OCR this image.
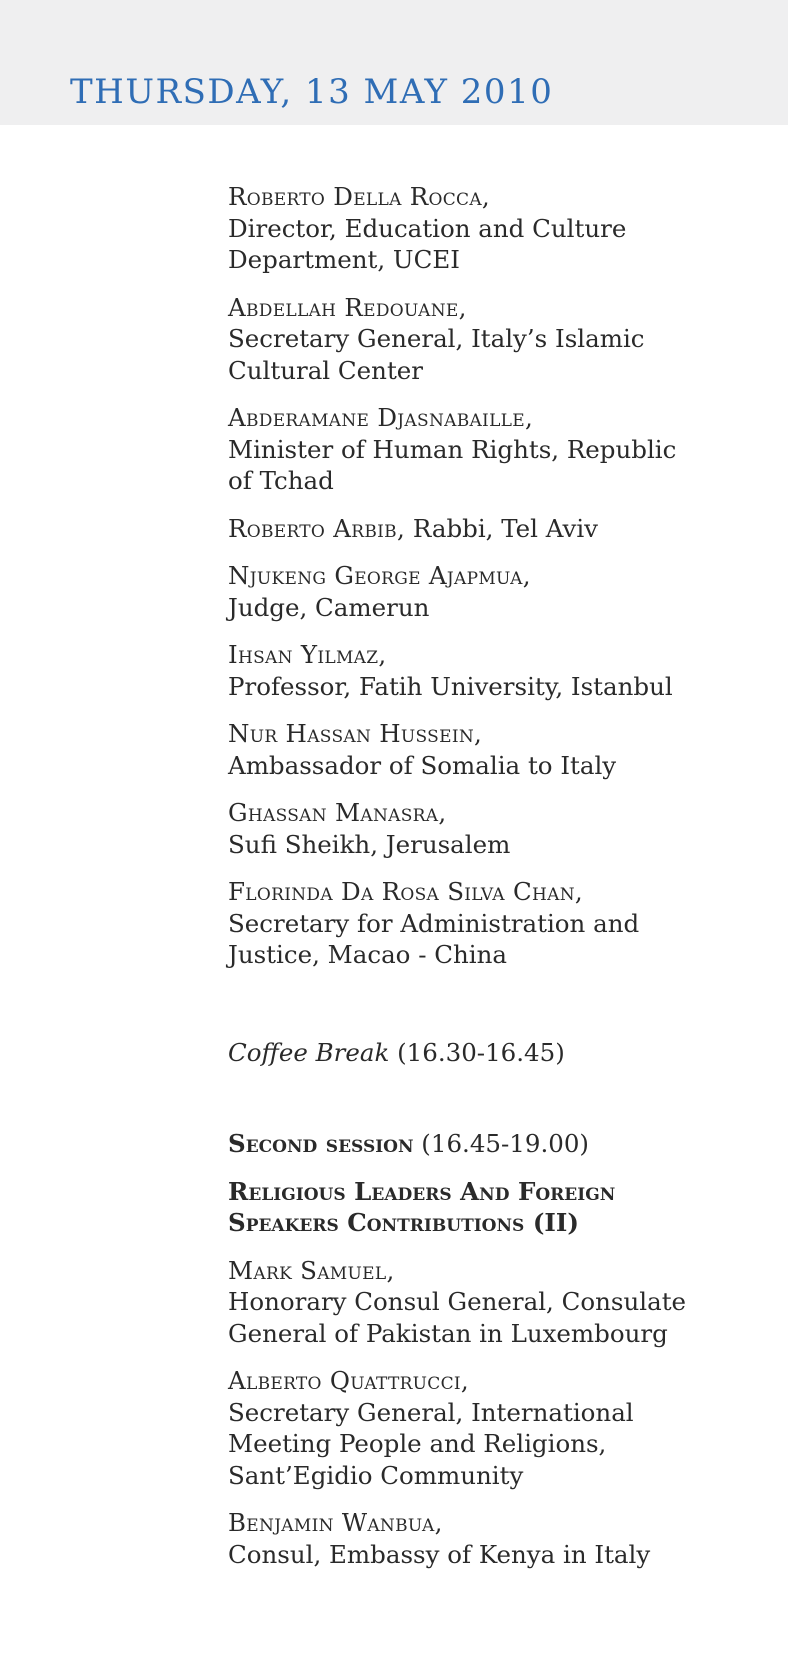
THURSDAY, 13 MAY 2010
Roberto Della Rocca,
Director, Education and Culture
Department, UCEI
Abdellah Redouane,
Secretary General, Italy’s Islamic
Cultural Center
Abderamane Djasnabaille,
Minister of Human Rights, Republic
of Tchad
Roberto Arbib, Rabbi, Tel Aviv
Njukeng George Ajapmua,
Judge, Camerun
Ihsan Yilmaz,
Professor, Fatih University, Istanbul
Nur Hassan Hussein,
Ambassador of Somalia to Italy
Ghassan Manasra,
Sufi Sheikh, Jerusalem
Florinda Da Rosa Silva Chan,
Secretary for Administration and
Justice, Macao - China
Coffee Break (16.30-16.45)
Second session (16.45-19.00)
Religious Leaders And Foreign
Speakers Contributions (II)
Mark Samuel,
Honorary Consul General, Consulate
General of Pakistan in Luxembourg
Alberto Quattrucci,
Secretary General, International
Meeting People and Religions,
Sant’Egidio Community
Benjamin Wanbua,
Consul, Embassy of Kenya in Italy
